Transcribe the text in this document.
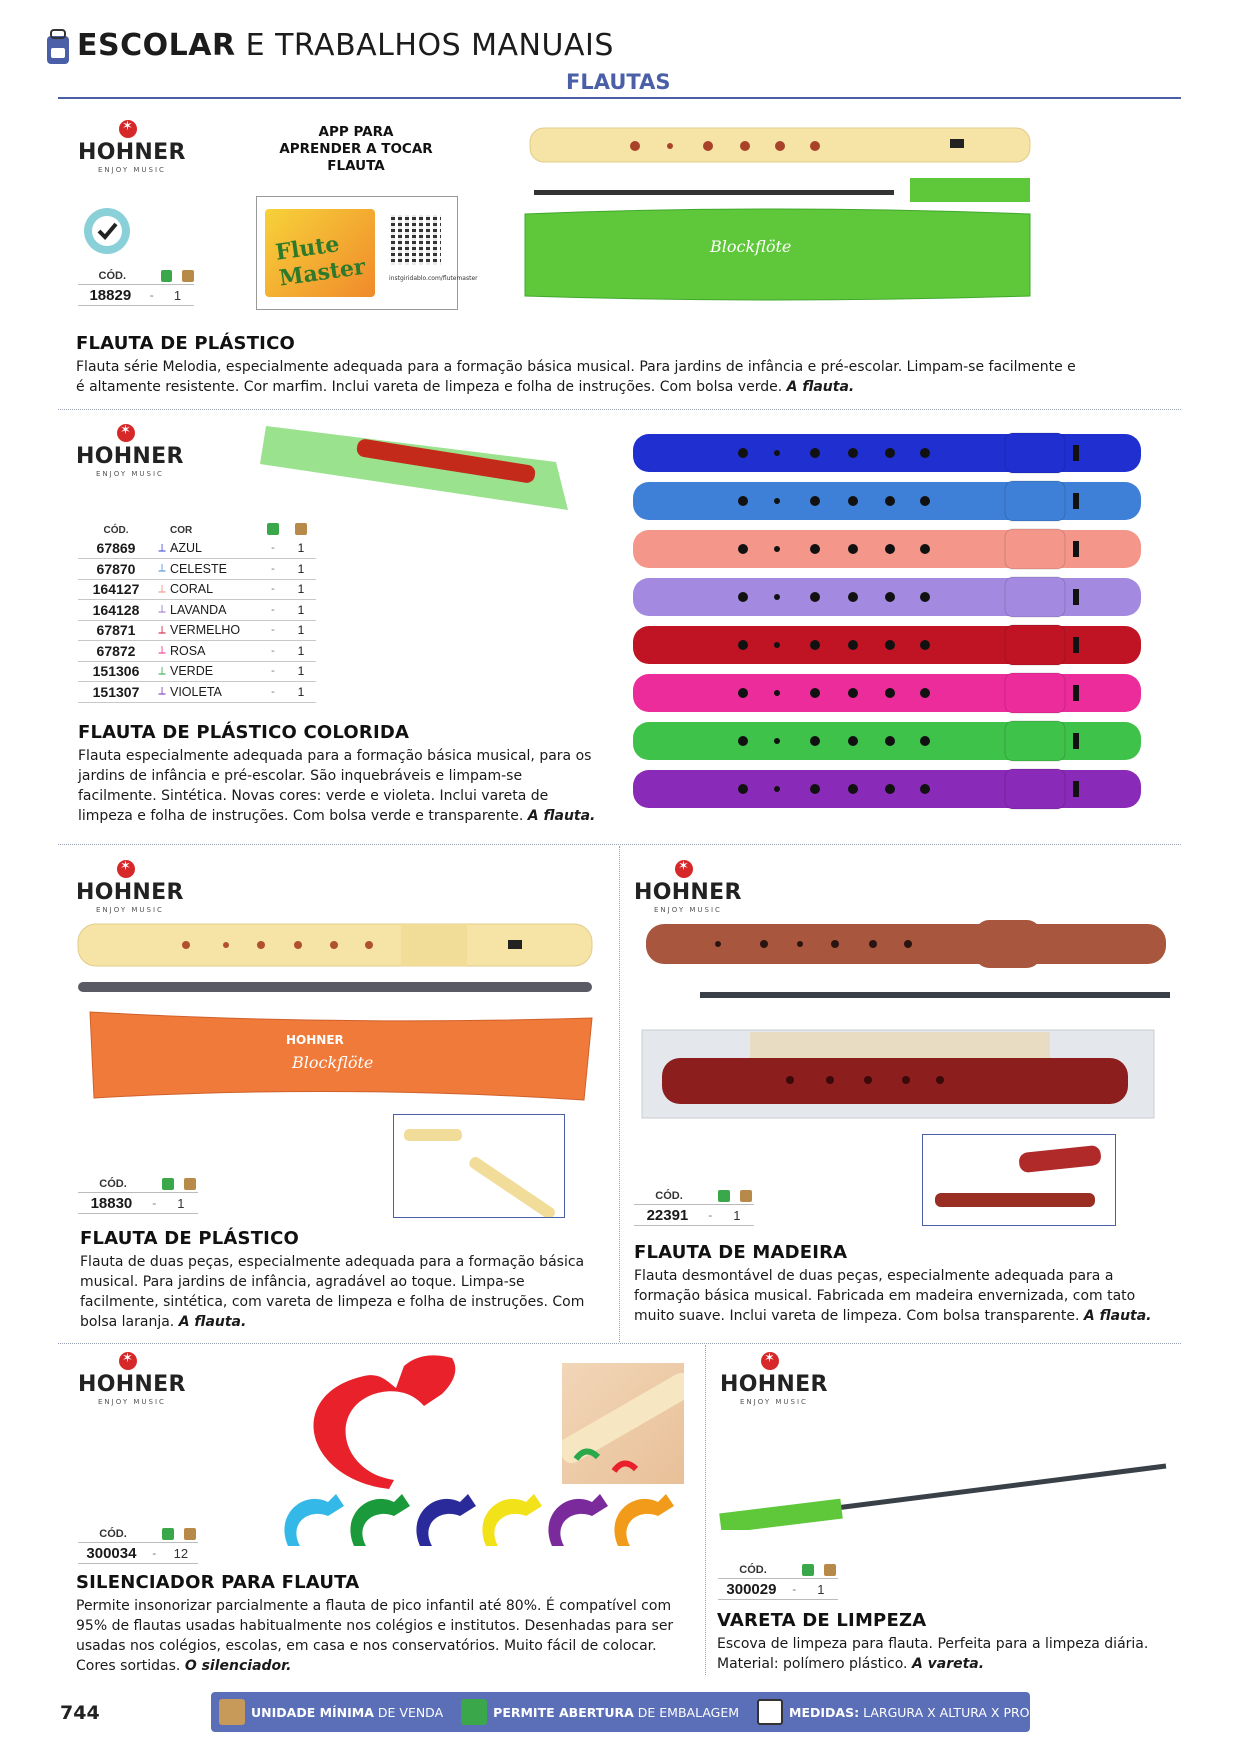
ESCOLAR E TRABALHOS MANUAIS
FLAUTAS
✶
HOHNER
ENJOY MUSIC
CÓD.
18829	-	1
APP PARA APRENDER A TOCAR FLAUTA
Flute Master	instgiridablo.com/flutemaster
Blockflöte
FLAUTA DE PLÁSTICO
Flauta série Melodia, especialmente adequada para a formação básica musical. Para jardins de infância e pré-escolar. Limpam-se facilmente e é altamente resistente. Cor marfim. Inclui vareta de limpeza e folha de instruções. Com bolsa verde. A flauta.
✶
HOHNER
ENJOY MUSIC
CÓD.		COR		
67869	⟂	AZUL	-	1
67870	⟂	CELESTE	-	1
164127	⟂	CORAL	-	1
164128	⟂	LAVANDA	-	1
67871	⟂	VERMELHO	-	1
67872	⟂	ROSA	-	1
151306	⟂	VERDE	-	1
151307	⟂	VIOLETA	-	1
FLAUTA DE PLÁSTICO COLORIDA
Flauta especialmente adequada para a formação básica musical, para os jardins de infância e pré-escolar. São inquebráveis e limpam-se facilmente. Sintética. Novas cores: verde e violeta. Inclui vareta de limpeza e folha de instruções. Com bolsa verde e transparente. A flauta.
✶
HOHNER
ENJOY MUSIC
HOHNER
Blockflöte
CÓD.
18830	-	1
FLAUTA DE PLÁSTICO
Flauta de duas peças, especialmente adequada para a formação básica musical. Para jardins de infância, agradável ao toque. Limpa-se facilmente, sintética, com vareta de limpeza e folha de instruções. Com bolsa laranja. A flauta.
✶
HOHNER
ENJOY MUSIC
CÓD.
22391	-	1
FLAUTA DE MADEIRA
Flauta desmontável de duas peças, especialmente adequada para a formação básica musical. Fabricada em madeira envernizada, com tato muito suave. Inclui vareta de limpeza. Com bolsa transparente. A flauta.
✶
HOHNER
ENJOY MUSIC
CÓD.
300034	-	12
SILENCIADOR PARA FLAUTA
Permite insonorizar parcialmente a flauta de pico infantil até 80%. É compatível com 95% de flautas usadas habitualmente nos colégios e institutos. Desenhadas para ser usadas nos colégios, escolas, em casa e nos conservatórios. Muito fácil de colocar. Cores sortidas. O silenciador.
✶
HOHNER
ENJOY MUSIC
CÓD.
300029	-	1
VARETA DE LIMPEZA
Escova de limpeza para flauta. Perfeita para a limpeza diária. Material: polímero plástico. A vareta.
744	UNIDADE MÍNIMA DE VENDA	PERMITE ABERTURA DE EMBALAGEM	MEDIDAS: LARGURA X ALTURA X PROFUNDIDADE
